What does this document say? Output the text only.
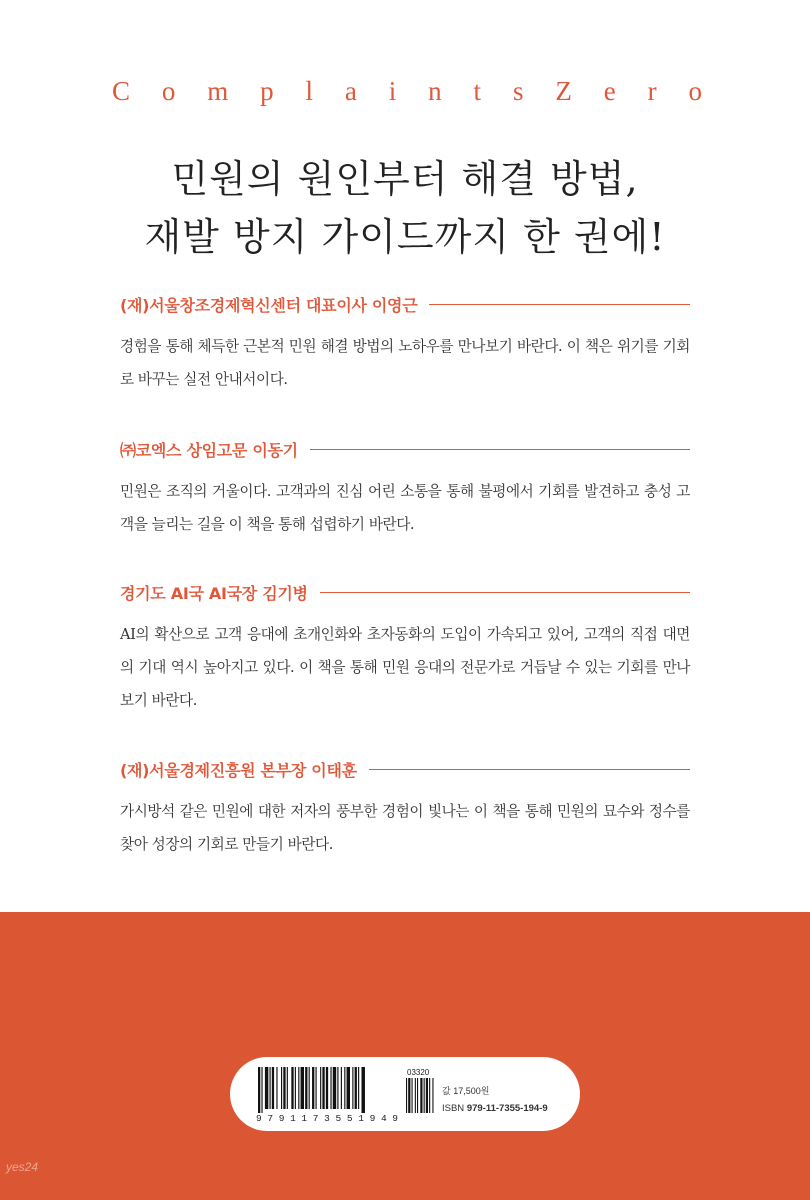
C o m p l a i n t s Z e r o
민원의 원인부터 해결 방법,
재발 방지 가이드까지 한 권에!
(재)서울창조경제혁신센터 대표이사 이영근
경험을 통해 체득한 근본적 민원 해결 방법의 노하우를 만나보기 바란다. 이 책은 위기를 기회로 바꾸는 실전 안내서이다.
㈜코엑스 상임고문 이동기
민원은 조직의 거울이다. 고객과의 진심 어린 소통을 통해 불평에서 기회를 발견하고 충성 고객을 늘리는 길을 이 책을 통해 섭렵하기 바란다.
경기도 AI국 AI국장 김기병
AI의 확산으로 고객 응대에 초개인화와 초자동화의 도입이 가속되고 있어, 고객의 직접 대면의 기대 역시 높아지고 있다. 이 책을 통해 민원 응대의 전문가로 거듭날 수 있는 기회를 만나보기 바란다.
(재)서울경제진흥원 본부장 이태훈
가시방석 같은 민원에 대한 저자의 풍부한 경험이 빛나는 이 책을 통해 민원의 묘수와 정수를 찾아 성장의 기회로 만들기 바란다.
03320
9791173551949
값 17,500원
ISBN 979-11-7355-194-9
yes24
